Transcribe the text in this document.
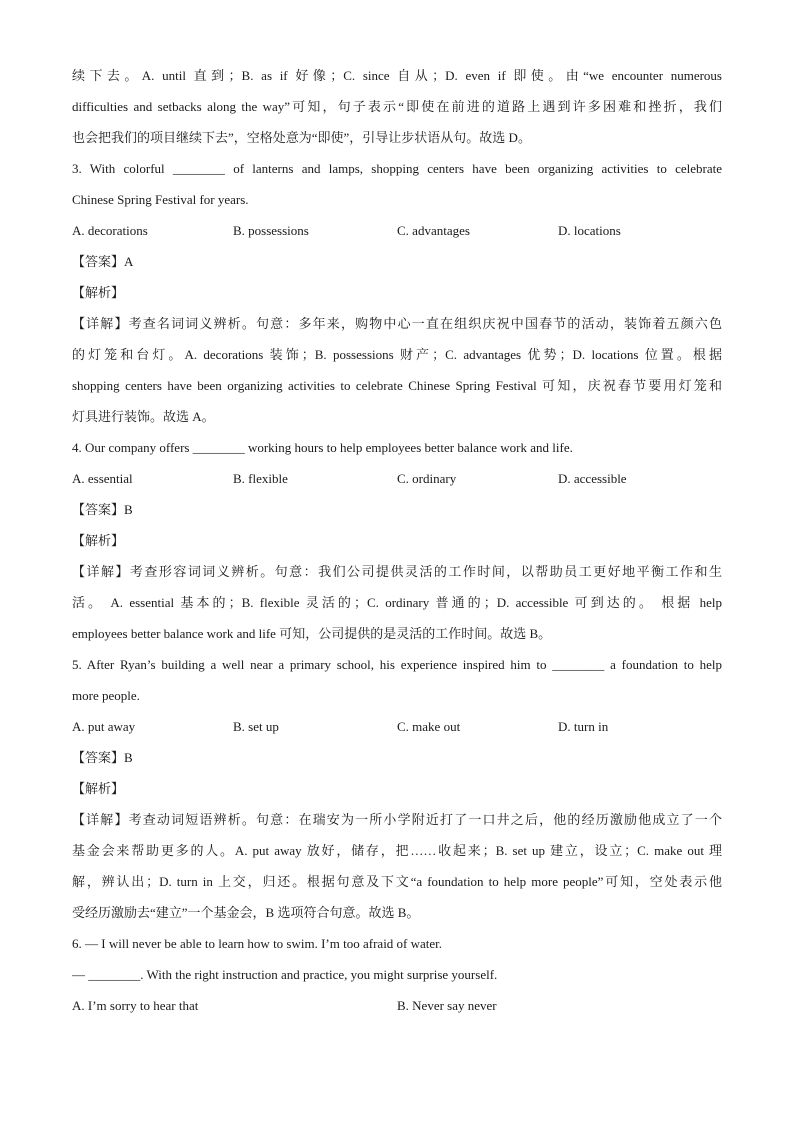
续下去。A. until 直到；B. as if 好像；C. since 自从；D. even if 即使。由“we encounter numerous
difficulties and setbacks along the way”可知，句子表示“即使在前进的道路上遇到许多困难和挫折，我们
也会把我们的项目继续下去”，空格处意为“即使”，引导让步状语从句。故选 D。
3. With colorful ________ of lanterns and lamps, shopping centers have been organizing activities to celebrate
Chinese Spring Festival for years.
A. decorations	B. possessions	C. advantages	D. locations
【答案】A
【解析】
【详解】考查名词词义辨析。句意：多年来，购物中心一直在组织庆祝中国春节的活动，装饰着五颜六色
的灯笼和台灯。A. decorations 装饰；B. possessions 财产；C. advantages 优势；D. locations 位置。根据
shopping centers have been organizing activities to celebrate Chinese Spring Festival 可知，庆祝春节要用灯笼和
灯具进行装饰。故选 A。
4. Our company offers ________ working hours to help employees better balance work and life.
A. essential	B. flexible	C. ordinary	D. accessible
【答案】B
【解析】
【详解】考查形容词词义辨析。句意：我们公司提供灵活的工作时间，以帮助员工更好地平衡工作和生
活。 A. essential 基本的；B. flexible 灵活的；C. ordinary 普通的；D. accessible 可到达的。 根据 help
employees better balance work and life 可知，公司提供的是灵活的工作时间。故选 B。
5. After Ryan’s building a well near a primary school, his experience inspired him to ________ a foundation to help
more people.
A. put away	B. set up	C. make out	D. turn in
【答案】B
【解析】
【详解】考查动词短语辨析。句意：在瑞安为一所小学附近打了一口井之后，他的经历激励他成立了一个
基金会来帮助更多的人。A. put away 放好，储存，把……收起来；B. set up 建立，设立；C. make out 理
解，辨认出；D. turn in 上交，归还。根据句意及下文“a foundation to help more people”可知，空处表示他
受经历激励去“建立”一个基金会，B 选项符合句意。故选 B。
6. — I will never be able to learn how to swim. I’m too afraid of water.
— ________. With the right instruction and practice, you might surprise yourself.
A. I’m sorry to hear that	B. Never say never
